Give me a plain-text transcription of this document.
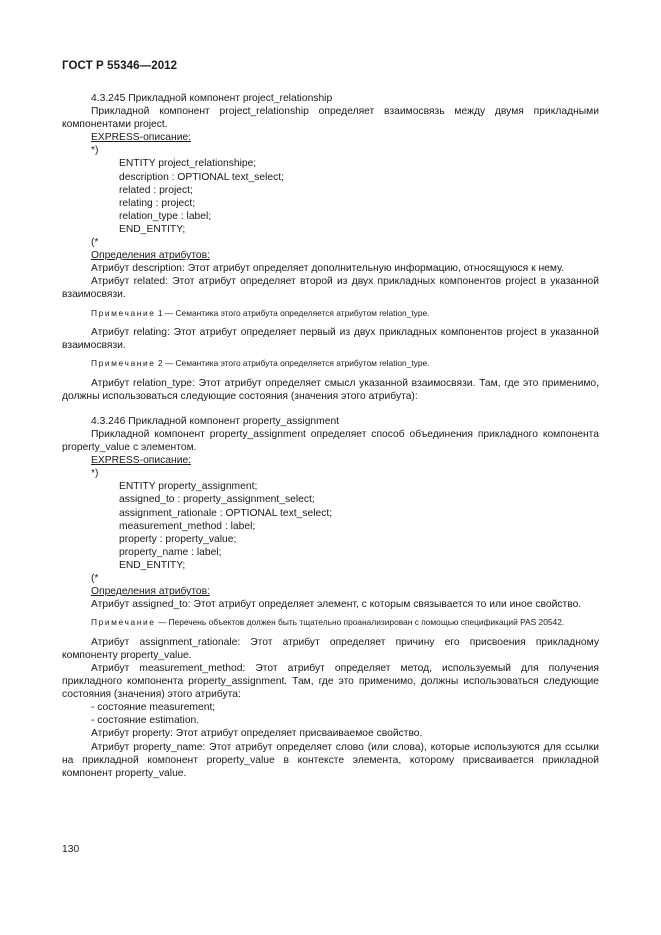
ГОСТ Р 55346—2012

4.3.245 Прикладной компонент project_relationship

Прикладной компонент project_relationship определяет взаимосвязь между двумя прикладными компонентами project.

EXPRESS-описание:

*)

ENTITY project_relationshipe;

description : OPTIONAL text_select;

related : project;

relating : project;

relation_type : label;

END_ENTITY;

(*

Определения атрибутов:

Атрибут description: Этот атрибут определяет дополнительную информацию, относящуюся к нему.

Атрибут related: Этот атрибут определяет второй из двух прикладных компонентов project в указанной взаимосвязи.

Примечание 1 — Семантика этого атрибута определяется атрибутом relation_type.

Атрибут relating: Этот атрибут определяет первый из двух прикладных компонентов project в указанной взаимосвязи.

Примечание 2 — Семантика этого атрибута определяется атрибутом relation_type.

Атрибут relation_type: Этот атрибут определяет смысл указанной взаимосвязи. Там, где это применимо, должны использоваться следующие состояния (значения этого атрибута):

4.3.246 Прикладной компонент property_assignment

Прикладной компонент property_assignment определяет способ объединения прикладного компонента property_value с элементом.

EXPRESS-описание:

*)

ENTITY property_assignment;

assigned_to : property_assignment_select;

assignment_rationale : OPTIONAL text_select;

measurement_method : label;

property : property_value;

property_name : label;

END_ENTITY;

(*

Определения атрибутов:

Атрибут assigned_to: Этот атрибут определяет элемент, с которым связывается то или иное свойство.

Примечание — Перечень объектов должен быть тщательно проанализирован с помощью спецификаций PAS 20542.

Атрибут assignment_rationale: Этот атрибут определяет причину его присвоения прикладному компоненту property_value.

Атрибут measurement_method: Этот атрибут определяет метод, используемый для получения прикладного компонента property_assignment. Там, где это применимо, должны использоваться следующие состояния (значения) этого атрибута:

- состояние measurement;

- состояние estimation.

Атрибут property: Этот атрибут определяет присваиваемое свойство.

Атрибут property_name: Этот атрибут определяет слово (или слова), которые используются для ссылки на прикладной компонент property_value в контексте элемента, которому присваивается прикладной компонент property_value.

130
